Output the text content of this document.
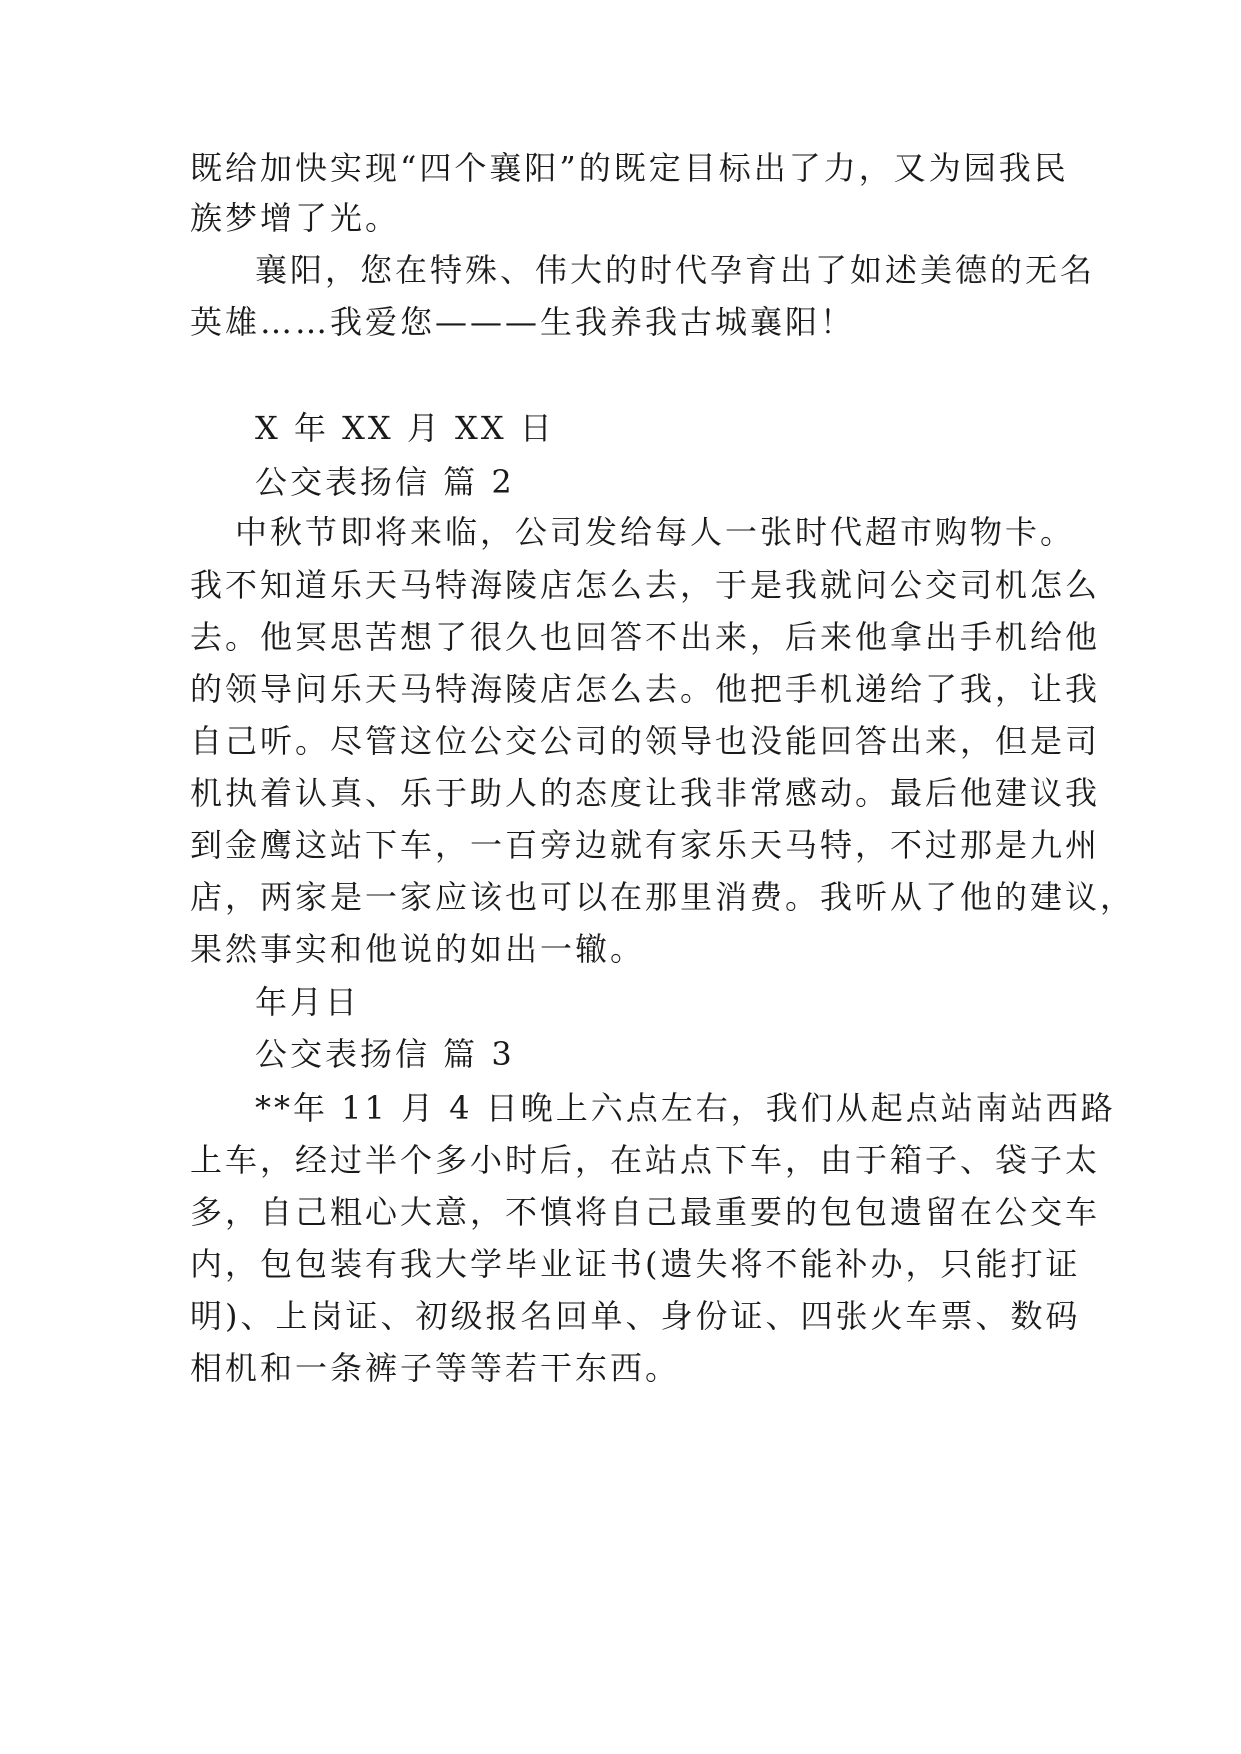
既给加快实现“四个襄阳”的既定目标出了力，又为园我民
族梦增了光。
襄阳，您在特殊、伟大的时代孕育出了如述美德的无名
英雄……我爱您———生我养我古城襄阳！
X 年 XX 月 XX 日
公交表扬信 篇 2
中秋节即将来临，公司发给每人一张时代超市购物卡。
我不知道乐天马特海陵店怎么去，于是我就问公交司机怎么
去。他冥思苦想了很久也回答不出来，后来他拿出手机给他
的领导问乐天马特海陵店怎么去。他把手机递给了我，让我
自己听。尽管这位公交公司的领导也没能回答出来，但是司
机执着认真、乐于助人的态度让我非常感动。最后他建议我
到金鹰这站下车，一百旁边就有家乐天马特，不过那是九州
店，两家是一家应该也可以在那里消费。我听从了他的建议，
果然事实和他说的如出一辙。
年月日
公交表扬信 篇 3
**年 11 月 4 日晚上六点左右，我们从起点站南站西路
上车，经过半个多小时后，在站点下车，由于箱子、袋子太
多，自己粗心大意，不慎将自己最重要的包包遗留在公交车
内，包包装有我大学毕业证书(遗失将不能补办，只能打证
明)、上岗证、初级报名回单、身份证、四张火车票、数码
相机和一条裤子等等若干东西。
